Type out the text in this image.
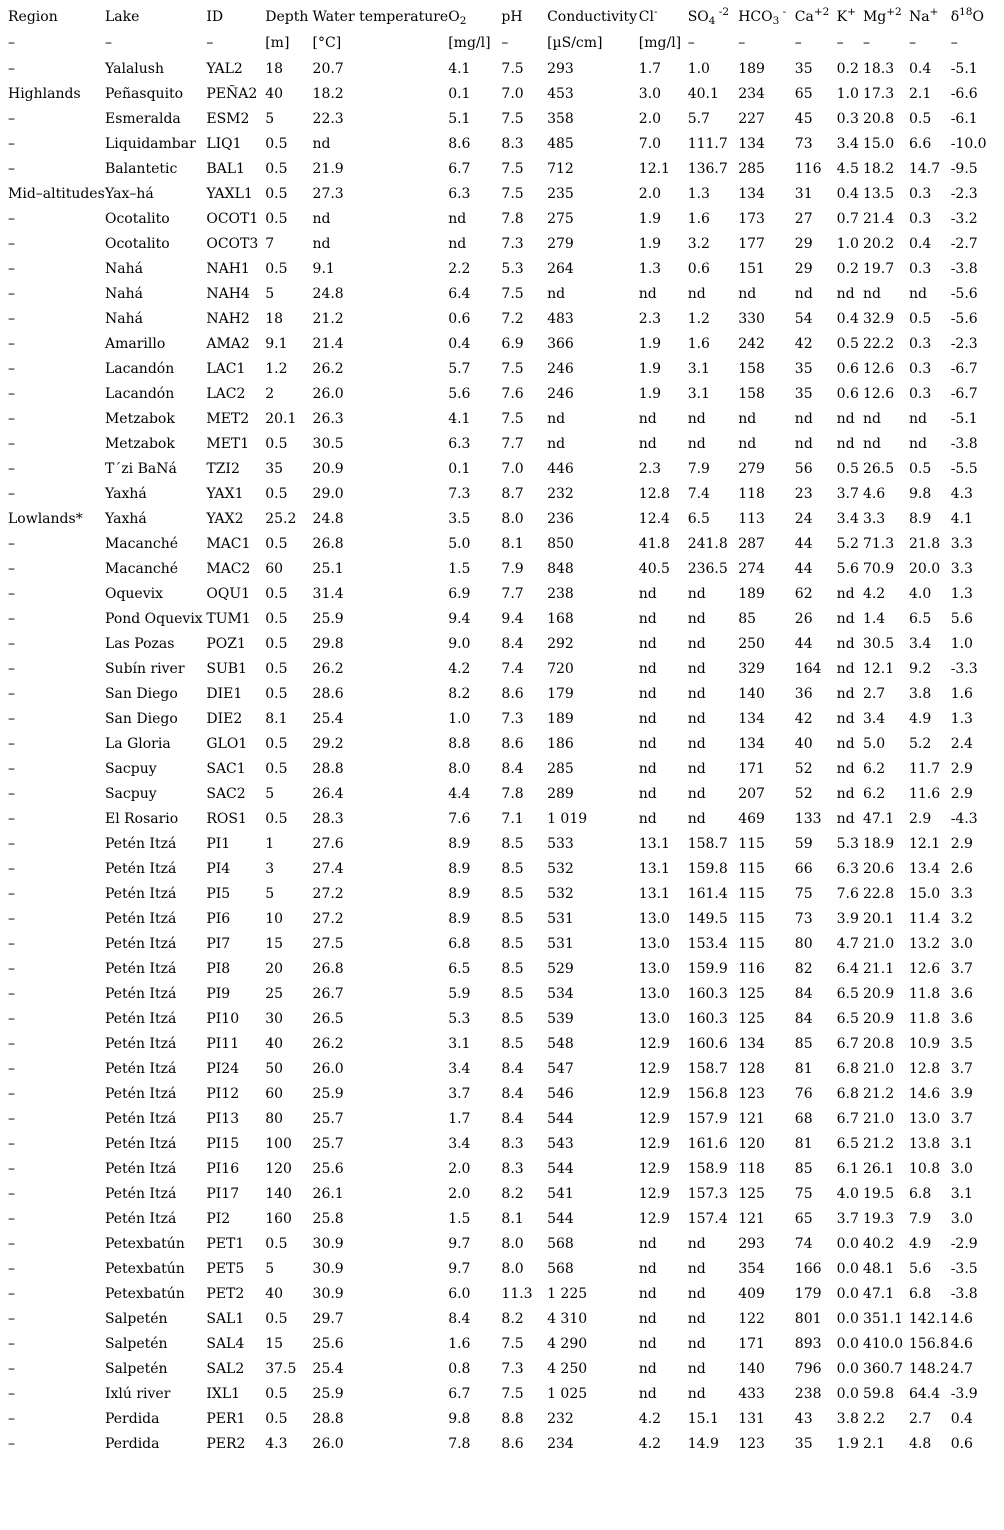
Region	Lake	ID	Depth	Water temperature	$O_2$	pH	Conductivity	Cl-	$SO_4$ $^{-2}$	$HCO_3$ -	$Ca^{+2}$	K+	$Mg^{+2}$	Na+	$\delta^{18}O$
–	–	–	[m]	[°C]	[mg/l]	–	[µS/cm]	[mg/l]	–	–	–	–	–	–	–
–	Yalalush	YAL2	18	20.7	4.1	7.5	293	1.7	1.0	189	35	0.2	18.3	0.4	-5.1
Highlands	Peñasquito	PEÑA2	40	18.2	0.1	7.0	453	3.0	40.1	234	65	1.0	17.3	2.1	-6.6
–	Esmeralda	ESM2	5	22.3	5.1	7.5	358	2.0	5.7	227	45	0.3	20.8	0.5	-6.1
–	Liquidambar	LIQ1	0.5	nd	8.6	8.3	485	7.0	111.7	134	73	3.4	15.0	6.6	-10.0
–	Balantetic	BAL1	0.5	21.9	6.7	7.5	712	12.1	136.7	285	116	4.5	18.2	14.7	-9.5
Mid–altitudes	Yax–há	YAXL1	0.5	27.3	6.3	7.5	235	2.0	1.3	134	31	0.4	13.5	0.3	-2.3
–	Ocotalito	OCOT1	0.5	nd	nd	7.8	275	1.9	1.6	173	27	0.7	21.4	0.3	-3.2
–	Ocotalito	OCOT3	7	nd	nd	7.3	279	1.9	3.2	177	29	1.0	20.2	0.4	-2.7
–	Nahá	NAH1	0.5	9.1	2.2	5.3	264	1.3	0.6	151	29	0.2	19.7	0.3	-3.8
–	Nahá	NAH4	5	24.8	6.4	7.5	nd	nd	nd	nd	nd	nd	nd	nd	-5.6
–	Nahá	NAH2	18	21.2	0.6	7.2	483	2.3	1.2	330	54	0.4	32.9	0.5	-5.6
–	Amarillo	AMA2	9.1	21.4	0.4	6.9	366	1.9	1.6	242	42	0.5	22.2	0.3	-2.3
–	Lacandón	LAC1	1.2	26.2	5.7	7.5	246	1.9	3.1	158	35	0.6	12.6	0.3	-6.7
–	Lacandón	LAC2	2	26.0	5.6	7.6	246	1.9	3.1	158	35	0.6	12.6	0.3	-6.7
–	Metzabok	MET2	20.1	26.3	4.1	7.5	nd	nd	nd	nd	nd	nd	nd	nd	-5.1
–	Metzabok	MET1	0.5	30.5	6.3	7.7	nd	nd	nd	nd	nd	nd	nd	nd	-3.8
–	T´zi BaNá	TZI2	35	20.9	0.1	7.0	446	2.3	7.9	279	56	0.5	26.5	0.5	-5.5
–	Yaxhá	YAX1	0.5	29.0	7.3	8.7	232	12.8	7.4	118	23	3.7	4.6	9.8	4.3
Lowlands*	Yaxhá	YAX2	25.2	24.8	3.5	8.0	236	12.4	6.5	113	24	3.4	3.3	8.9	4.1
–	Macanché	MAC1	0.5	26.8	5.0	8.1	850	41.8	241.8	287	44	5.2	71.3	21.8	3.3
–	Macanché	MAC2	60	25.1	1.5	7.9	848	40.5	236.5	274	44	5.6	70.9	20.0	3.3
–	Oquevix	OQU1	0.5	31.4	6.9	7.7	238	nd	nd	189	62	nd	4.2	4.0	1.3
–	Pond Oquevix	TUM1	0.5	25.9	9.4	9.4	168	nd	nd	85	26	nd	1.4	6.5	5.6
–	Las Pozas	POZ1	0.5	29.8	9.0	8.4	292	nd	nd	250	44	nd	30.5	3.4	1.0
–	Subín river	SUB1	0.5	26.2	4.2	7.4	720	nd	nd	329	164	nd	12.1	9.2	-3.3
–	San Diego	DIE1	0.5	28.6	8.2	8.6	179	nd	nd	140	36	nd	2.7	3.8	1.6
–	San Diego	DIE2	8.1	25.4	1.0	7.3	189	nd	nd	134	42	nd	3.4	4.9	1.3
–	La Gloria	GLO1	0.5	29.2	8.8	8.6	186	nd	nd	134	40	nd	5.0	5.2	2.4
–	Sacpuy	SAC1	0.5	28.8	8.0	8.4	285	nd	nd	171	52	nd	6.2	11.7	2.9
–	Sacpuy	SAC2	5	26.4	4.4	7.8	289	nd	nd	207	52	nd	6.2	11.6	2.9
–	El Rosario	ROS1	0.5	28.3	7.6	7.1	1 019	nd	nd	469	133	nd	47.1	2.9	-4.3
–	Petén Itzá	PI1	1	27.6	8.9	8.5	533	13.1	158.7	115	59	5.3	18.9	12.1	2.9
–	Petén Itzá	PI4	3	27.4	8.9	8.5	532	13.1	159.8	115	66	6.3	20.6	13.4	2.6
–	Petén Itzá	PI5	5	27.2	8.9	8.5	532	13.1	161.4	115	75	7.6	22.8	15.0	3.3
–	Petén Itzá	PI6	10	27.2	8.9	8.5	531	13.0	149.5	115	73	3.9	20.1	11.4	3.2
–	Petén Itzá	PI7	15	27.5	6.8	8.5	531	13.0	153.4	115	80	4.7	21.0	13.2	3.0
–	Petén Itzá	PI8	20	26.8	6.5	8.5	529	13.0	159.9	116	82	6.4	21.1	12.6	3.7
–	Petén Itzá	PI9	25	26.7	5.9	8.5	534	13.0	160.3	125	84	6.5	20.9	11.8	3.6
–	Petén Itzá	PI10	30	26.5	5.3	8.5	539	13.0	160.3	125	84	6.5	20.9	11.8	3.6
–	Petén Itzá	PI11	40	26.2	3.1	8.5	548	12.9	160.6	134	85	6.7	20.8	10.9	3.5
–	Petén Itzá	PI24	50	26.0	3.4	8.4	547	12.9	158.7	128	81	6.8	21.0	12.8	3.7
–	Petén Itzá	PI12	60	25.9	3.7	8.4	546	12.9	156.8	123	76	6.8	21.2	14.6	3.9
–	Petén Itzá	PI13	80	25.7	1.7	8.4	544	12.9	157.9	121	68	6.7	21.0	13.0	3.7
–	Petén Itzá	PI15	100	25.7	3.4	8.3	543	12.9	161.6	120	81	6.5	21.2	13.8	3.1
–	Petén Itzá	PI16	120	25.6	2.0	8.3	544	12.9	158.9	118	85	6.1	26.1	10.8	3.0
–	Petén Itzá	PI17	140	26.1	2.0	8.2	541	12.9	157.3	125	75	4.0	19.5	6.8	3.1
–	Petén Itzá	PI2	160	25.8	1.5	8.1	544	12.9	157.4	121	65	3.7	19.3	7.9	3.0
–	Petexbatún	PET1	0.5	30.9	9.7	8.0	568	nd	nd	293	74	0.0	40.2	4.9	-2.9
–	Petexbatún	PET5	5	30.9	9.7	8.0	568	nd	nd	354	166	0.0	48.1	5.6	-3.5
–	Petexbatún	PET2	40	30.9	6.0	11.3	1 225	nd	nd	409	179	0.0	47.1	6.8	-3.8
–	Salpetén	SAL1	0.5	29.7	8.4	8.2	4 310	nd	nd	122	801	0.0	351.1	142.1	4.6
–	Salpetén	SAL4	15	25.6	1.6	7.5	4 290	nd	nd	171	893	0.0	410.0	156.8	4.6
–	Salpetén	SAL2	37.5	25.4	0.8	7.3	4 250	nd	nd	140	796	0.0	360.7	148.2	4.7
–	Ixlú river	IXL1	0.5	25.9	6.7	7.5	1 025	nd	nd	433	238	0.0	59.8	64.4	-3.9
–	Perdida	PER1	0.5	28.8	9.8	8.8	232	4.2	15.1	131	43	3.8	2.2	2.7	0.4
–	Perdida	PER2	4.3	26.0	7.8	8.6	234	4.2	14.9	123	35	1.9	2.1	4.8	0.6
